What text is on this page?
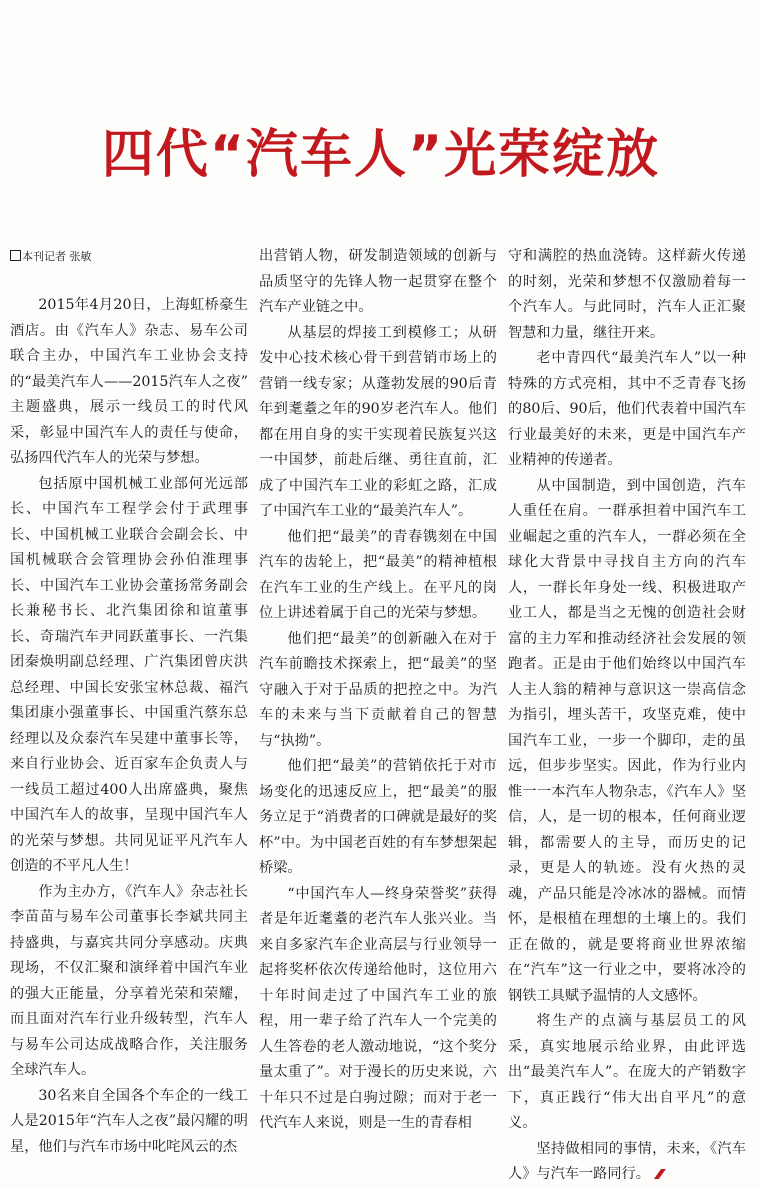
四代“汽车人”光荣绽放
本刊记者 张敏

2015年4月20日，上海虹桥豪生酒店。由《汽车人》杂志、易车公司联合主办，中国汽车工业协会支持的“最美汽车人——2015汽车人之夜” 主题盛典，展示一线员工的时代风采，彰显中国汽车人的责任与使命，弘扬四代汽车人的光荣与梦想。

包括原中国机械工业部何光远部长、中国汽车工程学会付于武理事长、中国机械工业联合会副会长、中国机械联合会管理协会孙伯淮理事长、中国汽车工业协会董扬常务副会长兼秘书长、北汽集团徐和谊董事长、奇瑞汽车尹同跃董事长、一汽集团秦焕明副总经理、广汽集团曾庆洪总经理、中国长安张宝林总裁、福汽集团康小强董事长、中国重汽蔡东总经理以及众泰汽车吴建中董事长等，来自行业协会、近百家车企负责人与一线员工超过400人出席盛典，聚焦中国汽车人的故事，呈现中国汽车人的光荣与梦想。共同见证平凡汽车人创造的不平凡人生！

作为主办方，《汽车人》杂志社长李苗苗与易车公司董事长李斌共同主持盛典，与嘉宾共同分享感动。庆典现场，不仅汇聚和演绎着中国汽车业的强大正能量，分享着光荣和荣耀，而且面对汽车行业升级转型，汽车人与易车公司达成战略合作，关注服务全球汽车人。

30名来自全国各个车企的一线工人是2015年“汽车人之夜”最闪耀的明星，他们与汽车市场中叱咤风云的杰

出营销人物，研发制造领域的创新与品质坚守的先锋人物一起贯穿在整个汽车产业链之中。

从基层的焊接工到模修工；从研发中心技术核心骨干到营销市场上的营销一线专家；从蓬勃发展的90后青年到耄耋之年的90岁老汽车人。他们都在用自身的实干实现着民族复兴这一中国梦，前赴后继、勇往直前，汇成了中国汽车工业的彩虹之路，汇成了中国汽车工业的“最美汽车人”。

他们把“最美”的青春镌刻在中国汽车的齿轮上，把“最美”的精神植根在汽车工业的生产线上。在平凡的岗位上讲述着属于自己的光荣与梦想。

他们把“最美”的创新融入在对于汽车前瞻技术探索上，把“最美”的坚守融入于对于品质的把控之中。为汽车的未来与当下贡献着自己的智慧与“执拗”。

他们把“最美”的营销依托于对市场变化的迅速反应上，把“最美”的服务立足于“消费者的口碑就是最好的奖杯”中。为中国老百姓的有车梦想架起桥梁。

“中国汽车人—终身荣誉奖”获得者是年近耄耋的老汽车人张兴业。当来自多家汽车企业高层与行业领导一起将奖杯依次传递给他时，这位用六十年时间走过了中国汽车工业的旅程，用一辈子给了汽车人一个完美的人生答卷的老人激动地说，“这个奖分量太重了”。对于漫长的历史来说，六十年只不过是白驹过隙；而对于老一代汽车人来说，则是一生的青春相

守和满腔的热血浇铸。这样薪火传递的时刻，光荣和梦想不仅激励着每一个汽车人。与此同时，汽车人正汇聚智慧和力量，继往开来。

老中青四代“最美汽车人”以一种特殊的方式亮相，其中不乏青春飞扬的80后、90后，他们代表着中国汽车行业最美好的未来，更是中国汽车产业精神的传递者。

从中国制造，到中国创造，汽车人重任在肩。一群承担着中国汽车工业崛起之重的汽车人，一群必须在全球化大背景中寻找自主方向的汽车人，一群长年身处一线、积极进取产业工人，都是当之无愧的创造社会财富的主力军和推动经济社会发展的领跑者。正是由于他们始终以中国汽车人主人翁的精神与意识这一崇高信念为指引，埋头苦干，攻坚克难，使中国汽车工业，一步一个脚印，走的虽远，但步步坚实。因此，作为行业内惟一一本汽车人物杂志，《汽车人》坚信，人，是一切的根本，任何商业逻辑，都需要人的主导，而历史的记录，更是人的轨迹。没有火热的灵魂，产品只能是冷冰冰的器械。而情怀，是根植在理想的土壤上的。我们正在做的，就是要将商业世界浓缩在“汽车”这一行业之中，要将冰冷的钢铁工具赋予温情的人文感怀。

将生产的点滴与基层员工的风采，真实地展示给业界，由此评选出“最美汽车人”。在庞大的产销数字下，真正践行“伟大出自平凡”的意义。

坚持做相同的事情，未来，《汽车人》与汽车一路同行。
